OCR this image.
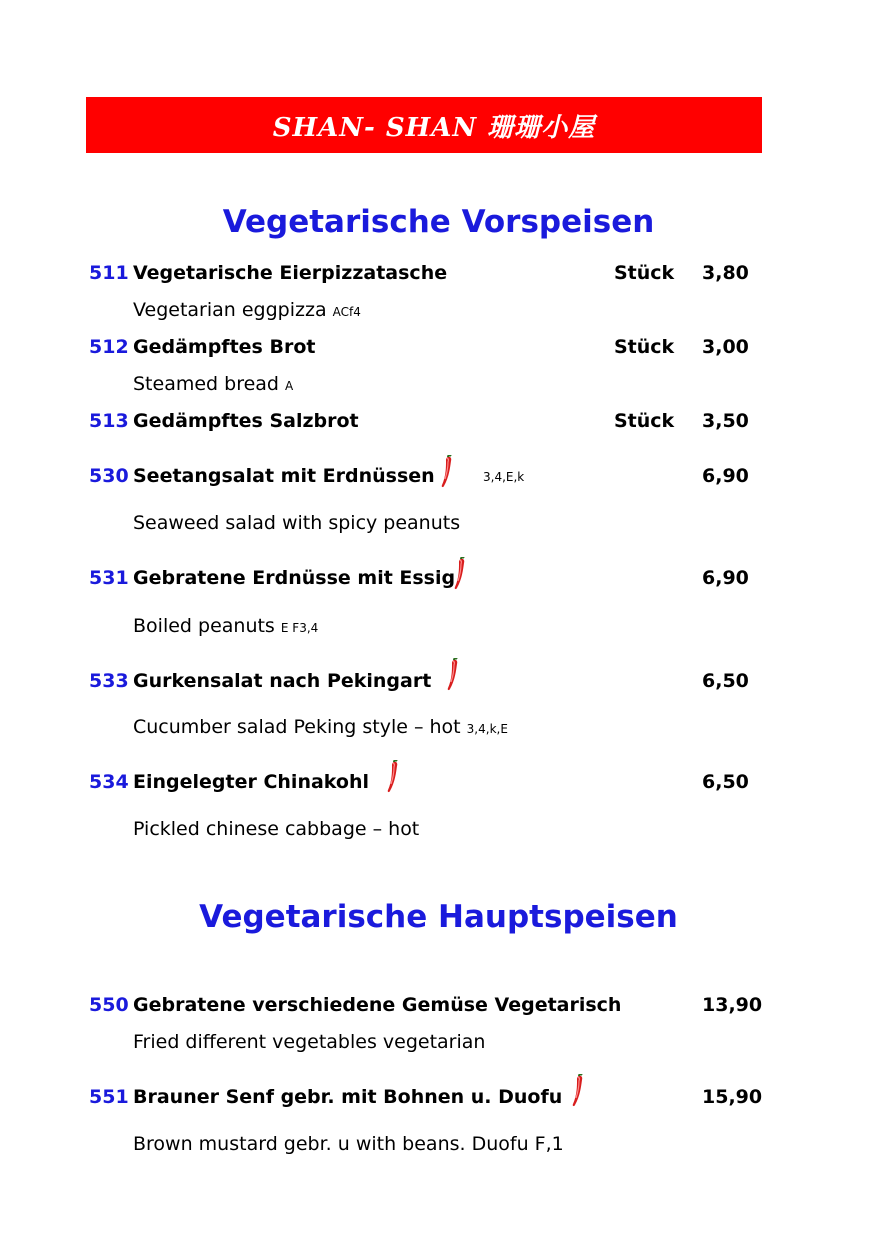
SHAN- SHAN 珊珊小屋
Vegetarische Vorspeisen
511 Vegetarische Eierpizzatasche	Stück 3,80
Vegetarian eggpizza ACf4
512 Gedämpftes Brot	Stück 3,00
Steamed bread A
513 Gedämpftes Salzbrot	Stück 3,50
530 Seetangsalat mit Erdnüssen	3,4,E,k	6,90
Seaweed salad with spicy peanuts
531 Gebratene Erdnüsse mit Essig	6,90
Boiled peanuts E F3,4
533 Gurkensalat nach Pekingart	6,50
Cucumber salad Peking style – hot 3,4,k,E
534 Eingelegter Chinakohl	6,50
Pickled chinese cabbage – hot
Vegetarische Hauptspeisen
550 Gebratene verschiedene Gemüse Vegetarisch	13,90
Fried different vegetables vegetarian
551 Brauner Senf gebr. mit Bohnen u. Duofu	15,90
Brown mustard gebr. u with beans. Duofu F,1
